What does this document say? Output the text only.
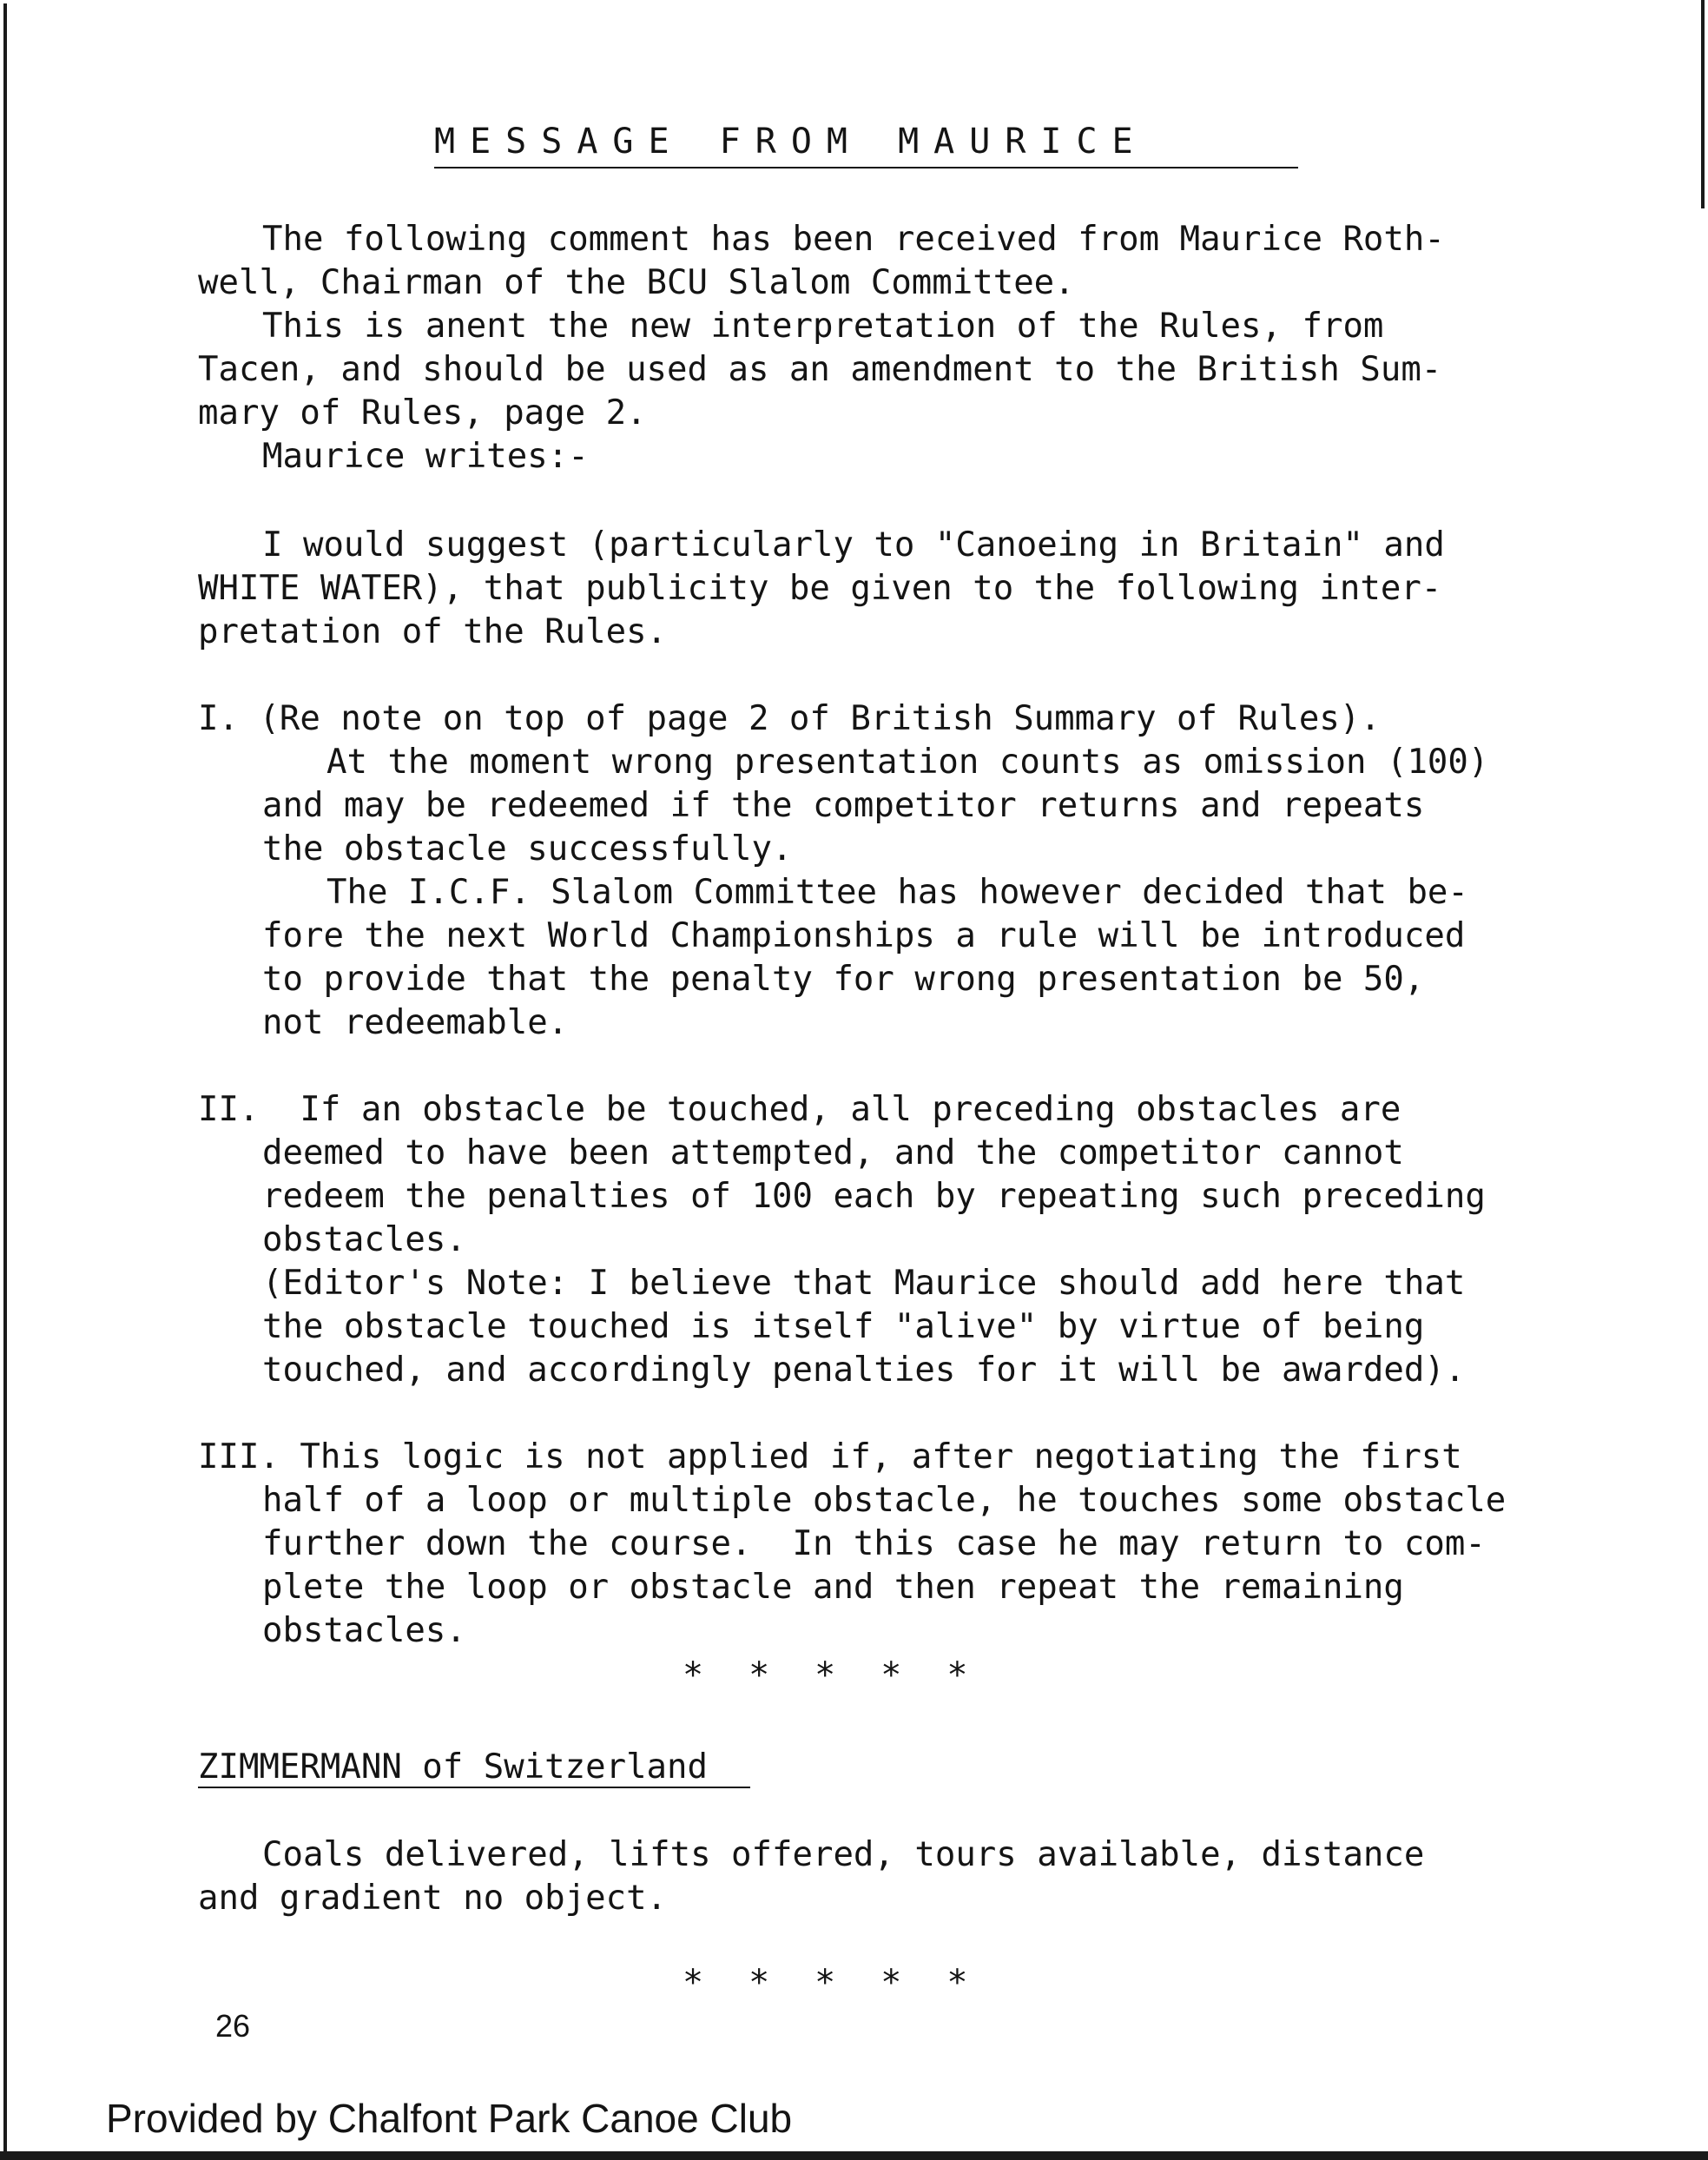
MESSAGE FROM MAURICE
The following comment has been received from Maurice Roth-
well, Chairman of the BCU Slalom Committee.
This is anent the new interpretation of the Rules, from
Tacen, and should be used as an amendment to the British Sum-
mary of Rules, page 2.
Maurice writes:-
I would suggest (particularly to "Canoeing in Britain" and
WHITE WATER), that publicity be given to the following inter-
pretation of the Rules.
I. (Re note on top of page 2 of British Summary of Rules).
At the moment wrong presentation counts as omission (100)
and may be redeemed if the competitor returns and repeats
the obstacle successfully.
The I.C.F. Slalom Committee has however decided that be-
fore the next World Championships a rule will be introduced
to provide that the penalty for wrong presentation be 50,
not redeemable.
II.  If an obstacle be touched, all preceding obstacles are
deemed to have been attempted, and the competitor cannot
redeem the penalties of 100 each by repeating such preceding
obstacles.
(Editor's Note: I believe that Maurice should add here that
the obstacle touched is itself "alive" by virtue of being
touched, and accordingly penalties for it will be awarded).
III. This logic is not applied if, after negotiating the first
half of a loop or multiple obstacle, he touches some obstacle
further down the course.  In this case he may return to com-
plete the loop or obstacle and then repeat the remaining
obstacles.
*****
ZIMMERMANN of Switzerland
Coals delivered, lifts offered, tours available, distance
and gradient no object.
*****
26
Provided by Chalfont Park Canoe Club
